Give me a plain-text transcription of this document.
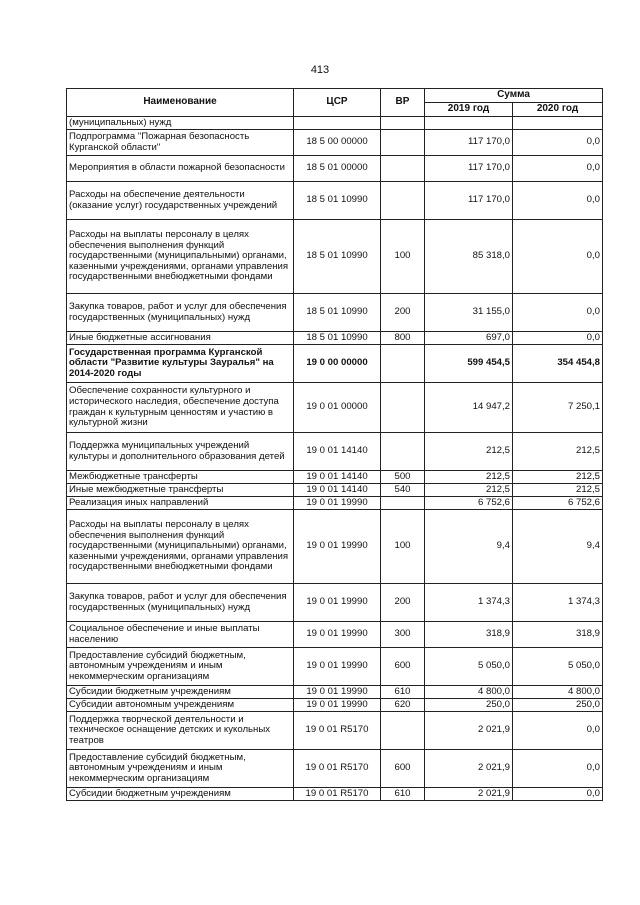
413
Наименование	ЦСР	ВР	Сумма	
			2019 год	2020 год
(муниципальных) нужд				
Подпрограмма "Пожарная безопасность Курганской области"	18 5 00 00000		117 170,0	0,0
Мероприятия в области пожарной безопасности	18 5 01 00000		117 170,0	0,0
Расходы на обеспечение деятельности (оказание услуг) государственных учреждений	18 5 01 10990		117 170,0	0,0
Расходы на выплаты персоналу в целях обеспечения выполнения функций государственными (муниципальными) органами, казенными учреждениями, органами управления государственными внебюджетными фондами	18 5 01 10990	100	85 318,0	0,0
Закупка товаров, работ и услуг для обеспечения государственных (муниципальных) нужд	18 5 01 10990	200	31 155,0	0,0
Иные бюджетные ассигнования	18 5 01 10990	800	697,0	0,0
Государственная программа Курганской области "Развитие культуры Зауралья" на 2014-2020 годы	19 0 00 00000		599 454,5	354 454,8
Обеспечение сохранности культурного и исторического наследия, обеспечение доступа граждан к культурным ценностям и участию в культурной жизни	19 0 01 00000		14 947,2	7 250,1
Поддержка муниципальных учреждений культуры и дополнительного образования детей	19 0 01 14140		212,5	212,5
Межбюджетные трансферты	19 0 01 14140	500	212,5	212,5
Иные межбюджетные трансферты	19 0 01 14140	540	212,5	212,5
Реализация иных направлений	19 0 01 19990		6 752,6	6 752,6
Расходы на выплаты персоналу в целях обеспечения выполнения функций государственными (муниципальными) органами, казенными учреждениями, органами управления государственными внебюджетными фондами	19 0 01 19990	100	9,4	9,4
Закупка товаров, работ и услуг для обеспечения государственных (муниципальных) нужд	19 0 01 19990	200	1 374,3	1 374,3
Социальное обеспечение и иные выплаты населению	19 0 01 19990	300	318,9	318,9
Предоставление субсидий бюджетным, автономным учреждениям и иным некоммерческим организациям	19 0 01 19990	600	5 050,0	5 050,0
Субсидии бюджетным учреждениям	19 0 01 19990	610	4 800,0	4 800,0
Субсидии автономным учреждениям	19 0 01 19990	620	250,0	250,0
Поддержка творческой деятельности и техническое оснащение детских и кукольных театров	19 0 01 R5170		2 021,9	0,0
Предоставление субсидий бюджетным, автономным учреждениям и иным некоммерческим организациям	19 0 01 R5170	600	2 021,9	0,0
Субсидии бюджетным учреждениям	19 0 01 R5170	610	2 021,9	0,0
